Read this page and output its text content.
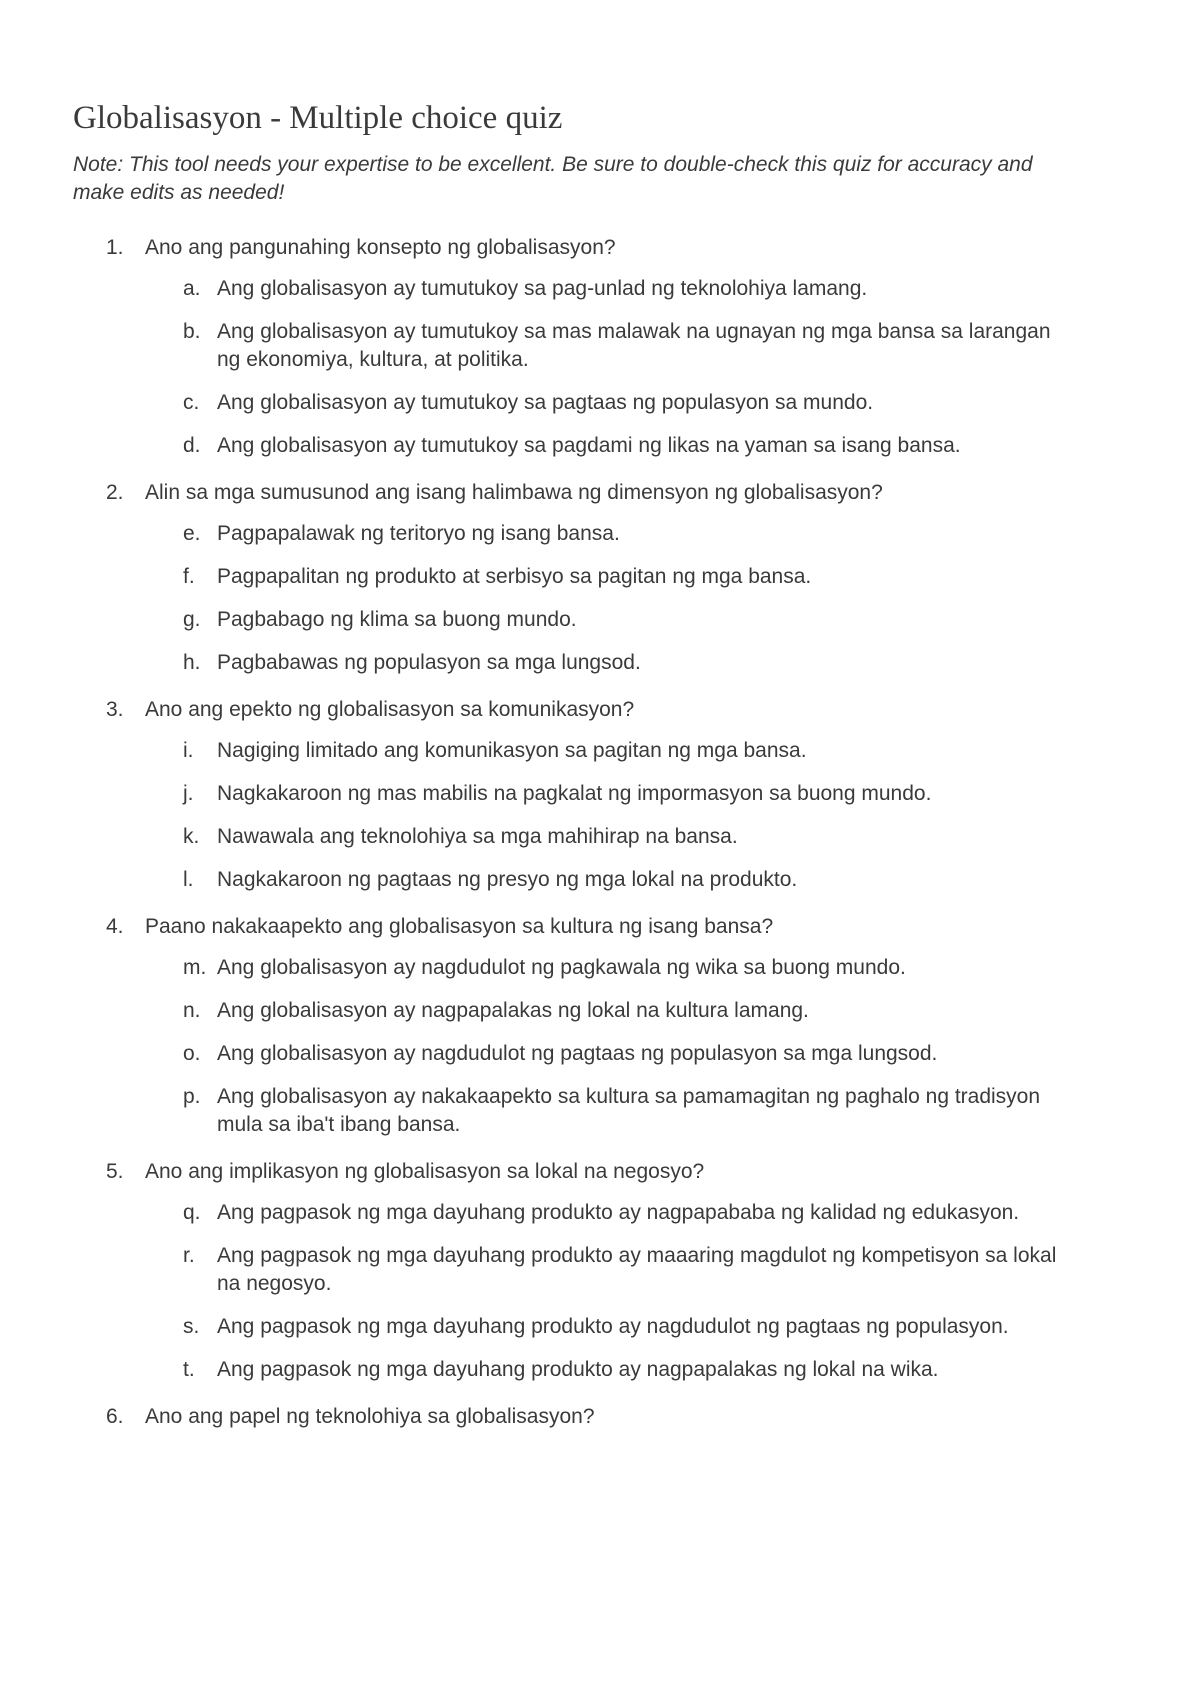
Globalisasyon - Multiple choice quiz

Note: This tool needs your expertise to be excellent. Be sure to double-check this quiz for accuracy and make edits as needed!

1. Ano ang pangunahing konsepto ng globalisasyon?
a. Ang globalisasyon ay tumutukoy sa pag-unlad ng teknolohiya lamang.
b. Ang globalisasyon ay tumutukoy sa mas malawak na ugnayan ng mga bansa sa larangan ng ekonomiya, kultura, at politika.
c. Ang globalisasyon ay tumutukoy sa pagtaas ng populasyon sa mundo.
d. Ang globalisasyon ay tumutukoy sa pagdami ng likas na yaman sa isang bansa.
2. Alin sa mga sumusunod ang isang halimbawa ng dimensyon ng globalisasyon?
e. Pagpapalawak ng teritoryo ng isang bansa.
f.	Pagpapalitan ng produkto at serbisyo sa pagitan ng mga bansa.
g. Pagbabago ng klima sa buong mundo.
h. Pagbabawas ng populasyon sa mga lungsod.
3. Ano ang epekto ng globalisasyon sa komunikasyon?
i.	Nagiging limitado ang komunikasyon sa pagitan ng mga bansa.
j.	Nagkakaroon ng mas mabilis na pagkalat ng impormasyon sa buong mundo.
k. Nawawala ang teknolohiya sa mga mahihirap na bansa.
l.	Nagkakaroon ng pagtaas ng presyo ng mga lokal na produkto.
4. Paano nakakaapekto ang globalisasyon sa kultura ng isang bansa?
m. Ang globalisasyon ay nagdudulot ng pagkawala ng wika sa buong mundo.
n. Ang globalisasyon ay nagpapalakas ng lokal na kultura lamang.
o. Ang globalisasyon ay nagdudulot ng pagtaas ng populasyon sa mga lungsod.
p. Ang globalisasyon ay nakakaapekto sa kultura sa pamamagitan ng paghalo ng tradisyon mula sa iba't ibang bansa.
5. Ano ang implikasyon ng globalisasyon sa lokal na negosyo?
q. Ang pagpasok ng mga dayuhang produkto ay nagpapababa ng kalidad ng edukasyon.
r.	Ang pagpasok ng mga dayuhang produkto ay maaaring magdulot ng kompetisyon sa lokal na negosyo.
s. Ang pagpasok ng mga dayuhang produkto ay nagdudulot ng pagtaas ng populasyon.
t.	Ang pagpasok ng mga dayuhang produkto ay nagpapalakas ng lokal na wika.
6. Ano ang papel ng teknolohiya sa globalisasyon?
